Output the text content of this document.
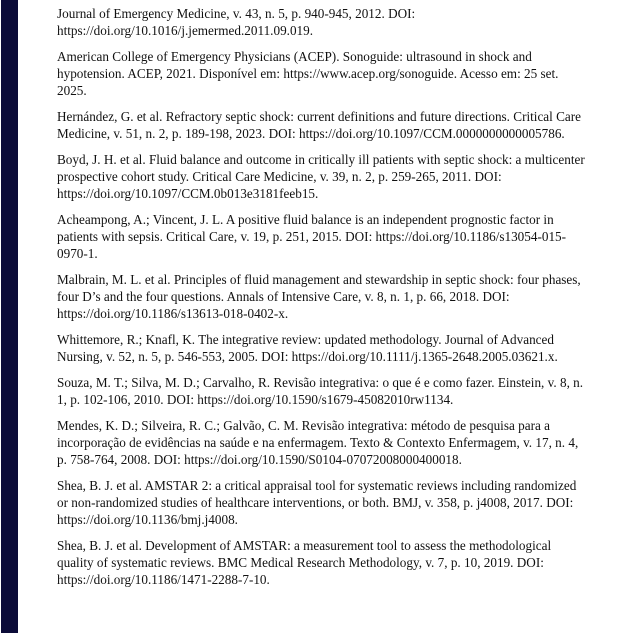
Journal of Emergency Medicine, v. 43, n. 5, p. 940-945, 2012. DOI: https://doi.org/10.1016/j.jemermed.2011.09.019.

American College of Emergency Physicians (ACEP). Sonoguide: ultrasound in shock and hypotension. ACEP, 2021. Disponível em: https://www.acep.org/sonoguide. Acesso em: 25 set. 2025.

Hernández, G. et al. Refractory septic shock: current definitions and future directions. Critical Care Medicine, v. 51, n. 2, p. 189-198, 2023. DOI: https://doi.org/10.1097/CCM.0000000000005786.

Boyd, J. H. et al. Fluid balance and outcome in critically ill patients with septic shock: a multicenter prospective cohort study. Critical Care Medicine, v. 39, n. 2, p. 259-265, 2011. DOI: https://doi.org/10.1097/CCM.0b013e3181feeb15.

Acheampong, A.; Vincent, J. L. A positive fluid balance is an independent prognostic factor in patients with sepsis. Critical Care, v. 19, p. 251, 2015. DOI: https://doi.org/10.1186/s13054-015-0970-1.

Malbrain, M. L. et al. Principles of fluid management and stewardship in septic shock: four phases, four D’s and the four questions. Annals of Intensive Care, v. 8, n. 1, p. 66, 2018. DOI: https://doi.org/10.1186/s13613-018-0402-x.

Whittemore, R.; Knafl, K. The integrative review: updated methodology. Journal of Advanced Nursing, v. 52, n. 5, p. 546-553, 2005. DOI: https://doi.org/10.1111/j.1365-2648.2005.03621.x.

Souza, M. T.; Silva, M. D.; Carvalho, R. Revisão integrativa: o que é e como fazer. Einstein, v. 8, n. 1, p. 102-106, 2010. DOI: https://doi.org/10.1590/s1679-45082010rw1134.

Mendes, K. D.; Silveira, R. C.; Galvão, C. M. Revisão integrativa: método de pesquisa para a incorporação de evidências na saúde e na enfermagem. Texto & Contexto Enfermagem, v. 17, n. 4, p. 758-764, 2008. DOI: https://doi.org/10.1590/S0104-07072008000400018.

Shea, B. J. et al. AMSTAR 2: a critical appraisal tool for systematic reviews including randomized or non-randomized studies of healthcare interventions, or both. BMJ, v. 358, p. j4008, 2017. DOI: https://doi.org/10.1136/bmj.j4008.

Shea, B. J. et al. Development of AMSTAR: a measurement tool to assess the methodological quality of systematic reviews. BMC Medical Research Methodology, v. 7, p. 10, 2019. DOI: https://doi.org/10.1186/1471-2288-7-10.
